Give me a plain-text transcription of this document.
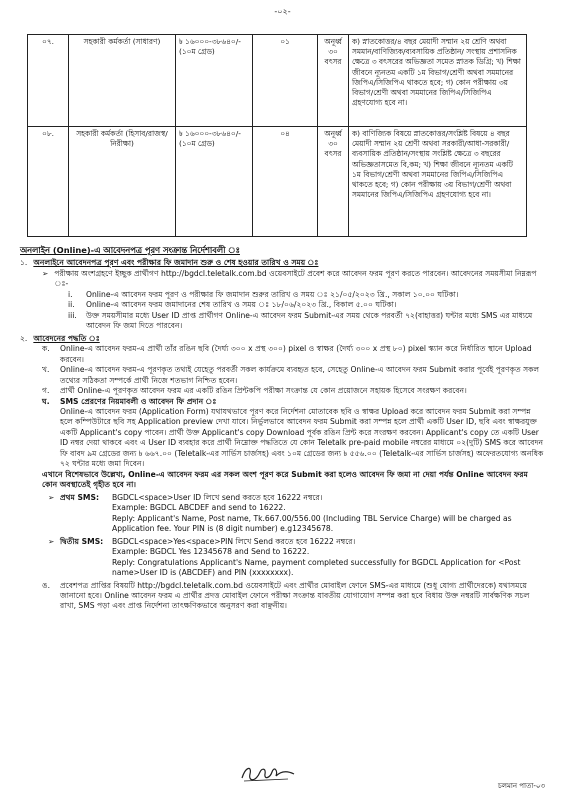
-০২-
০৭.	সহকারী কর্মকর্তা (সাধারণ)	৳ ১৬০০০-৩৮৬৪০/- (১০ম গ্রেড)	০১	অনূর্ধ্ব ৩০ বৎসর	ক) স্নাতকোত্তর/৪ বছর মেয়াদী সম্মান ২য় শ্রেণি অথবা সমমান/বাণিজ্যিক/ব্যবসায়িক প্রতিষ্ঠান/ সংস্থায় প্রশাসনিক ক্ষেত্রে ৩ বৎসরের অভিজ্ঞতা সমেত স্নাতক ডিগ্রি; খ) শিক্ষা জীবনে ন্যূনতম একটি ১ম বিভাগ/শ্রেণী অথবা সমমানের জিপিএ/সিজিপিএ থাকতে হবে; গ) কোন পরীক্ষায় ৩য় বিভাগ/শ্রেণী অথবা সমমানের জিপিএ/সিজিপিএ গ্রহণযোগ্য হবে না।
০৮.	সহকারী কর্মকর্তা (হিসাব/রাজস্ব/নিরীক্ষা)	৳ ১৬০০০-৩৮৬৪০/- (১০ম গ্রেড)	০৪	অনূর্ধ্ব ৩০ বৎসর	ক) বাণিজ্যিক বিষয়ে স্নাতকোত্তর/সংশ্লিষ্ট বিষয়ে ৪ বছর মেয়াদী সম্মান ২য় শ্রেণী অথবা সরকারী/আধা-সরকারী/ব্যবসায়িক প্রতিষ্ঠান/সংস্থায় সংশ্লিষ্ট ক্ষেত্রে ৩ বছরের অভিজ্ঞতাসমেত বি,কম; খ) শিক্ষা জীবনে ন্যূনতম একটি ১ম বিভাগ/শ্রেণী অথবা সমমানের জিপিএ/সিজিপিএ থাকতে হবে; গ) কোন পরীক্ষায় ৩য় বিভাগ/শ্রেণী অথবা সমমানের জিপিএ/সিজিপিএ গ্রহণযোগ্য হবে না।
অনলাইন (Online)-এ আবেদনপত্র পূরণ সংক্রান্ত নির্দেশাবলী ঃ
১. অনলাইনে আবেদনপত্র পূরণ এবং পরীক্ষার ফি জমাদান শুরু ও শেষ হওয়ার তারিখ ও সময় ঃ
➢ পরীক্ষায় অংশগ্রহণে ইচ্ছুক প্রার্থীগণ http://bgdcl.teletalk.com.bd ওয়েবসাইটে প্রবেশ করে আবেদন ফরম পূরণ করতে পারবেন। আবেদনের সময়সীমা নিম্নরূপ ঃ-
i.	Online-এ আবেদন ফরম পূরণ ও পরীক্ষার ফি জমাদান শুরুর তারিখ ও সময় ঃ ২১/০৫/২০২৩ খ্রি., সকাল ১০.০০ ঘটিকা।
ii.	Online-এ আবেদন ফরম জমাদানের শেষ তারিখ ও সময় ঃ ১৮/০৬/২০২৩ খ্রি., বিকাল ৫.০০ ঘটিকা।
iii.	উক্ত সময়সীমার মধ্যে User ID প্রাপ্ত প্রার্থীগণ Online-এ আবেদন ফরম Submit-এর সময় থেকে পরবর্তী ৭২(বাহাত্তর) ঘন্টার মধ্যে SMS এর মাধ্যমে আবেদন ফি জমা দিতে পারবেন।
২. আবেদনের পদ্ধতি ঃ
ক.	Online-এ আবেদন ফরম-এ প্রার্থী তাঁর রঙিন ছবি (দৈর্ঘ্য ৩০০ x প্রস্থ ৩০০) pixel ও স্বাক্ষর (দৈর্ঘ্য ৩০০ x প্রস্থ ৮০) pixel স্ক্যান করে নির্ধারিত স্থানে Upload করবেন।
খ.	Online-এ আবেদন ফরম-এ পূরণকৃত তথ্যই যেহেতু পরবর্তী সকল কার্যক্রমে ব্যবহৃত হবে, সেহেতু Online-এ আবেদন ফরম Submit করার পূর্বেই পূরণকৃত সকল তথ্যের সঠিকতা সম্পর্কে প্রার্থী নিজে শতভাগ নিশ্চিত হবেন।
গ.	প্রার্থী Online-এ পূরণকৃত আবেদন ফরম এর একটি রঙিন প্রিন্টকপি পরীক্ষা সংক্রান্ত যে কোন প্রয়োজনে সহায়ক হিসেবে সংরক্ষণ করবেন।
ঘ.	SMS প্রেরণের নিয়মাবলী ও আবেদন ফি প্রদান ঃ
Online-এ আবেদন ফরম (Application Form) যথাযথভাবে পূরণ করে নির্দেশনা মোতাবেক ছবি ও স্বাক্ষর Upload করে আবেদন ফরম Submit করা সম্পন্ন হলে কম্পিউটারে ছবি সহ Application preview দেখা যাবে। নির্ভুলভাবে আবেদন ফরম Submit করা সম্পন্ন হলে প্রার্থী একটি User ID, ছবি এবং স্বাক্ষরযুক্ত একটি Applicant's copy পাবেন। প্রার্থী উক্ত Applicant's copy Download পূর্বক রঙিন প্রিন্ট করে সংরক্ষণ করবেন। Applicant's copy তে একটি User ID নম্বর দেয়া থাকবে এবং এ User ID ব্যবহার করে প্রার্থী নিম্নোক্ত পদ্ধতিতে যে কোন Teletalk pre-paid mobile নম্বরের মাধ্যমে ০২(দুটি) SMS করে আবেদন ফি বাবদ ৯ম গ্রেডের জন্য ৳ ৬৬৭.০০ (Teletalk-এর সার্ভিস চার্জসহ) এবং ১০ম গ্রেডের জন্য ৳ ৫৫৬.০০ (Teletalk-এর সার্ভিস চার্জসহ) অফেরতযোগ্য অনধিক ৭২ ঘন্টার মধ্যে জমা দিবেন।
এখানে বিশেষভাবে উল্লেখ্য, Online-এ আবেদন ফরম এর সকল অংশ পূরণ করে Submit করা হলেও আবেদন ফি জমা না দেয়া পর্যন্ত Online আবেদন ফরম কোন অবস্থাতেই গৃহীত হবে না।
➢ প্রথম SMS:	BGDCL<space>User ID লিখে send করতে হবে 16222 নম্বরে।
Example: BGDCL ABCDEF and send to 16222.
Reply: Applicant's Name, Post name, Tk.667.00/556.00 (Including TBL Service Charge) will be charged as Application fee. Your PIN is (8 digit number) e.g12345678.
➢ দ্বিতীয় SMS:	BGDCL<space>Yes<space>PIN লিখে Send করতে হবে 16222 নম্বরে।
Example: BGDCL Yes 12345678 and Send to 16222.
Reply: Congratulations Applicant's Name, payment completed successfully for BGDCL Application for <Post name>User ID is (ABCDEF) and PIN (xxxxxxxx).
ঙ.	প্রবেশপত্র প্রাপ্তির বিষয়টি http://bgdcl.teletalk.com.bd ওয়েবসাইটে এবং প্রার্থীর মোবাইল ফোনে SMS-এর মাধ্যমে (শুধু যোগ্য প্রার্থীদেরকে) যথাসময়ে জানানো হবে। Online আবেদন ফরম এ প্রার্থীর প্রদত্ত মোবাইল ফোনে পরীক্ষা সংক্রান্ত যাবতীয় যোগাযোগ সম্পন্ন করা হবে বিধায় উক্ত নম্বরটি সার্বক্ষণিক সচল রাখা, SMS পড়া এবং প্রাপ্ত নির্দেশনা তাৎক্ষণিকভাবে অনুসরণ করা বাঞ্ছনীয়।
চলমান পাতা-০৩
